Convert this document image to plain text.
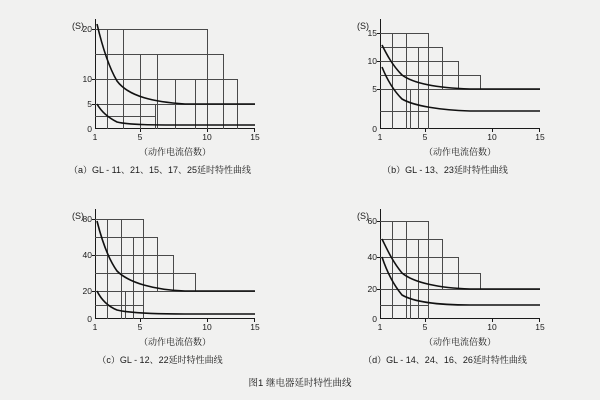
(S)
20
10
5
0
1	5	10	15
（动作电流倍数）
（a）GL - 11、21、15、17、25延时特性曲线
(S)
15
10
5
0
1	5	10	15
（动作电流倍数）
（b）GL - 13、23延时特性曲线
(S)
80
40
20
0
1	5	10	15
（动作电流倍数）
（c）GL - 12、22延时特性曲线
(S)
60
40
20
0
1	5	10	15
（动作电流倍数）
（d）GL - 14、24、16、26延时特性曲线
图1 继电器延时特性曲线
